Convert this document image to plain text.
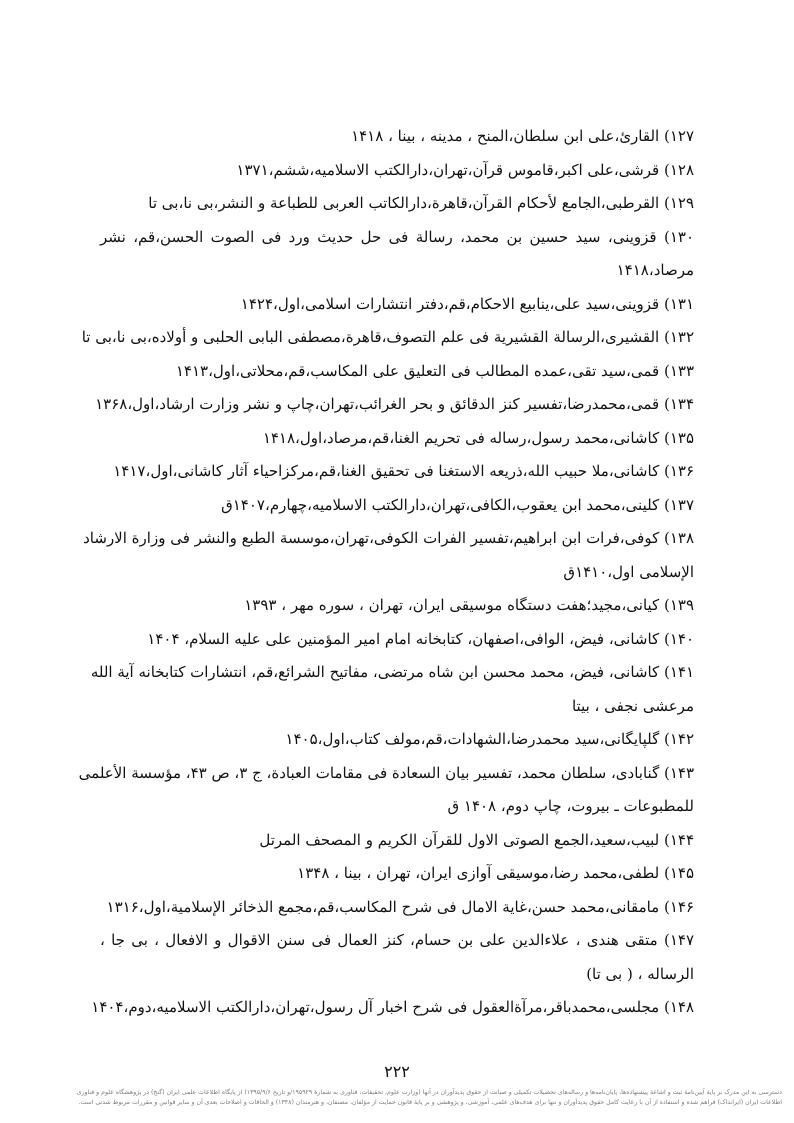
۱۲۷) القاریٔ،علی ابن سلطان،المنح ، مدینه ، بینا ، ۱۴۱۸
۱۲۸) قرشی،علی اکبر،قاموس قرآن،تهران،دارالکتب الاسلامیه،ششم،۱۳۷۱
۱۲۹) القرطبی،الجامع لأحکام القرآن،قاهرة،دارالکاتب العربی للطباعة و النشر،بی نا،بی تا
۱۳۰) قزوینی، سید حسین بن محمد، رسالة فی حل حدیث ورد فی الصوت الحسن،قم، نشر
مرصاد،۱۴۱۸
۱۳۱) قزوینی،سید علی،ینابیع الاحکام،قم،دفتر انتشارات اسلامی،اول،۱۴۲۴
۱۳۲) القشیری،الرسالة القشیریة فی علم التصوف،قاهرة،مصطفی البابی الحلبی و أولاده،بی نا،بی تا
۱۳۳) قمی،سید تقی،عمده المطالب فی التعلیق علی المکاسب،قم،محلاتی،اول،۱۴۱۳
۱۳۴) قمی،محمدرضا،تفسیر کنز الدقائق و بحر الغرائب،تهران،چاپ و نشر وزارت ارشاد،اول،۱۳۶۸
۱۳۵) کاشانی،محمد رسول،رساله فی تحریم الغنا،قم،مرصاد،اول،۱۴۱۸
۱۳۶) کاشانی،ملا حبیب الله،ذریعه الاستغنا فی تحقیق الغنا،قم،مرکزاحیاء آثار کاشانی،اول،۱۴۱۷
۱۳۷) کلینی،محمد ابن یعقوب،الکافی،تهران،دارالکتب الاسلامیه،چهارم،۱۴۰۷ق
۱۳۸) کوفی،فرات ابن ابراهیم،تفسیر الفرات الکوفی،تهران،موسسة الطبع والنشر فی وزارة الارشاد
الإسلامی اول،۱۴۱۰ق
۱۳۹) کیانی،مجید؛هفت دستگاه موسیقی ایران، تهران ، سوره مهر ، ۱۳۹۳
۱۴۰) کاشانی، فیض، الوافی،اصفهان، کتابخانه امام امیر المؤمنین علی علیه السلام، ۱۴۰۴
۱۴۱) کاشانی، فیض، محمد محسن ابن شاه مرتضی، مفاتیح الشرائع،قم، انتشارات کتابخانه آیة الله
مرعشی نجفی ، بیتا
۱۴۲) گلپایگانی،سید محمدرضا،الشهادات،قم،مولف کتاب،اول،۱۴۰۵
۱۴۳) گنابادی، سلطان محمد، تفسیر بیان السعادة فی مقامات العبادة، ج ۳، ص ۴۳، مؤسسة الأعلمی
للمطبوعات ـ بیروت، چاپ دوم، ۱۴۰۸ ق
۱۴۴) لبیب،سعید،الجمع الصوتی الاول للقرآن الکریم و المصحف المرتل
۱۴۵) لطفی،محمد رضا،موسیقی آوازی ایران، تهران ، بینا ، ۱۳۴۸
۱۴۶) مامقانی،محمد حسن،غایة الامال فی شرح المکاسب،قم،مجمع الذخائر الإسلامیة،اول،۱۳۱۶
۱۴۷) متقی هندی ، علاءالدین علی بن حسام، کنز العمال فی سنن الاقوال و الافعال ، بی جا ،
الرساله ، ( بی تا)
۱۴۸) مجلسی،محمدباقر،مرآةالعقول فی شرح اخبار آل رسول،تهران،دارالکتب الاسلامیه،دوم،۱۴۰۴
۲۲۲
دسترسی به این مدرک بر پایهٔ آیین‌نامهٔ ثبت و اشاعهٔ پیشنهاده‌ها، پایان‌نامه‌ها و رساله‌های تحصیلات تکمیلی و صیانت از حقوق پدیدآوران در آنها (وزارت علوم، تحقیقات، فناوری به شمارهٔ ۱۹۵۹۲۹/و تاریخ ۱۳۹۵/۹/۶) از پایگاه اطلاعات علمی ایران (گنج) در پژوهشگاه علوم و فناوری
اطلاعات ایران (ایرانداک) فراهم شده و استفاده از آن با رعایت کامل حقوق پدیدآوران و تنها برای هدف‌های علمی، آموزشی، و پژوهشی و بر پایهٔ قانون حمایت از مؤلفان، مصنفان، و هنرمندان (۱۳۴۸) و الحاقات و اصلاحات بعدی آن و سایر قوانین و مقررات مربوط شدنی است.
